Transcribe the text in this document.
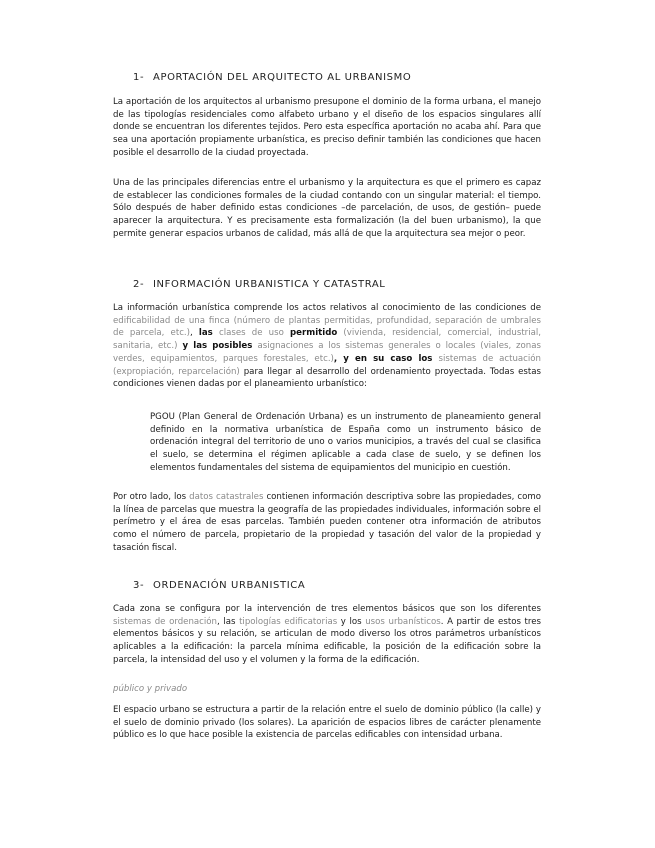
1- APORTACIÓN DEL ARQUITECTO AL URBANISMO

La aportación de los arquitectos al urbanismo presupone el dominio de la forma urbana, el manejo de las tipologías residenciales como alfabeto urbano y el diseño de los espacios singulares allí donde se encuentran los diferentes tejidos. Pero esta específica aportación no acaba ahí. Para que sea una aportación propiamente urbanística, es preciso definir también las condiciones que hacen posible el desarrollo de la ciudad proyectada.

Una de las principales diferencias entre el urbanismo y la arquitectura es que el primero es capaz de establecer las condiciones formales de la ciudad contando con un singular material: el tiempo. Sólo después de haber definido estas condiciones –de parcelación, de usos, de gestión– puede aparecer la arquitectura. Y es precisamente esta formalización (la del buen urbanismo), la que permite generar espacios urbanos de calidad, más allá de que la arquitectura sea mejor o peor.

2- INFORMACIÓN URBANISTICA Y CATASTRAL

La información urbanística comprende los actos relativos al conocimiento de las condiciones de edificabilidad de una finca (número de plantas permitidas, profundidad, separación de umbrales de parcela, etc.), las clases de uso permitido (vivienda, residencial, comercial, industrial, sanitaria, etc.) y las posibles asignaciones a los sistemas generales o locales (viales, zonas verdes, equipamientos, parques forestales, etc.), y en su caso los sistemas de actuación (expropiación, reparcelación) para llegar al desarrollo del ordenamiento proyectada. Todas estas condiciones vienen dadas por el planeamiento urbanístico:

PGOU (Plan General de Ordenación Urbana) es un instrumento de planeamiento general definido en la normativa urbanística de España como un instrumento básico de ordenación integral del territorio de uno o varios municipios, a través del cual se clasifica el suelo, se determina el régimen aplicable a cada clase de suelo, y se definen los elementos fundamentales del sistema de equipamientos del municipio en cuestión.

Por otro lado, los datos catastrales contienen información descriptiva sobre las propiedades, como la línea de parcelas que muestra la geografía de las propiedades individuales, información sobre el perímetro y el área de esas parcelas. También pueden contener otra información de atributos como el número de parcela, propietario de la propiedad y tasación del valor de la propiedad y tasación fiscal.

3- ORDENACIÓN URBANISTICA

Cada zona se configura por la intervención de tres elementos básicos que son los diferentes sistemas de ordenación, las tipologías edificatorias y los usos urbanísticos. A partir de estos tres elementos básicos y su relación, se articulan de modo diverso los otros parámetros urbanísticos aplicables a la edificación: la parcela mínima edificable, la posición de la edificación sobre la parcela, la intensidad del uso y el volumen y la forma de la edificación.

público y privado

El espacio urbano se estructura a partir de la relación entre el suelo de dominio público (la calle) y el suelo de dominio privado (los solares). La aparición de espacios libres de carácter plenamente público es lo que hace posible la existencia de parcelas edificables con intensidad urbana.
